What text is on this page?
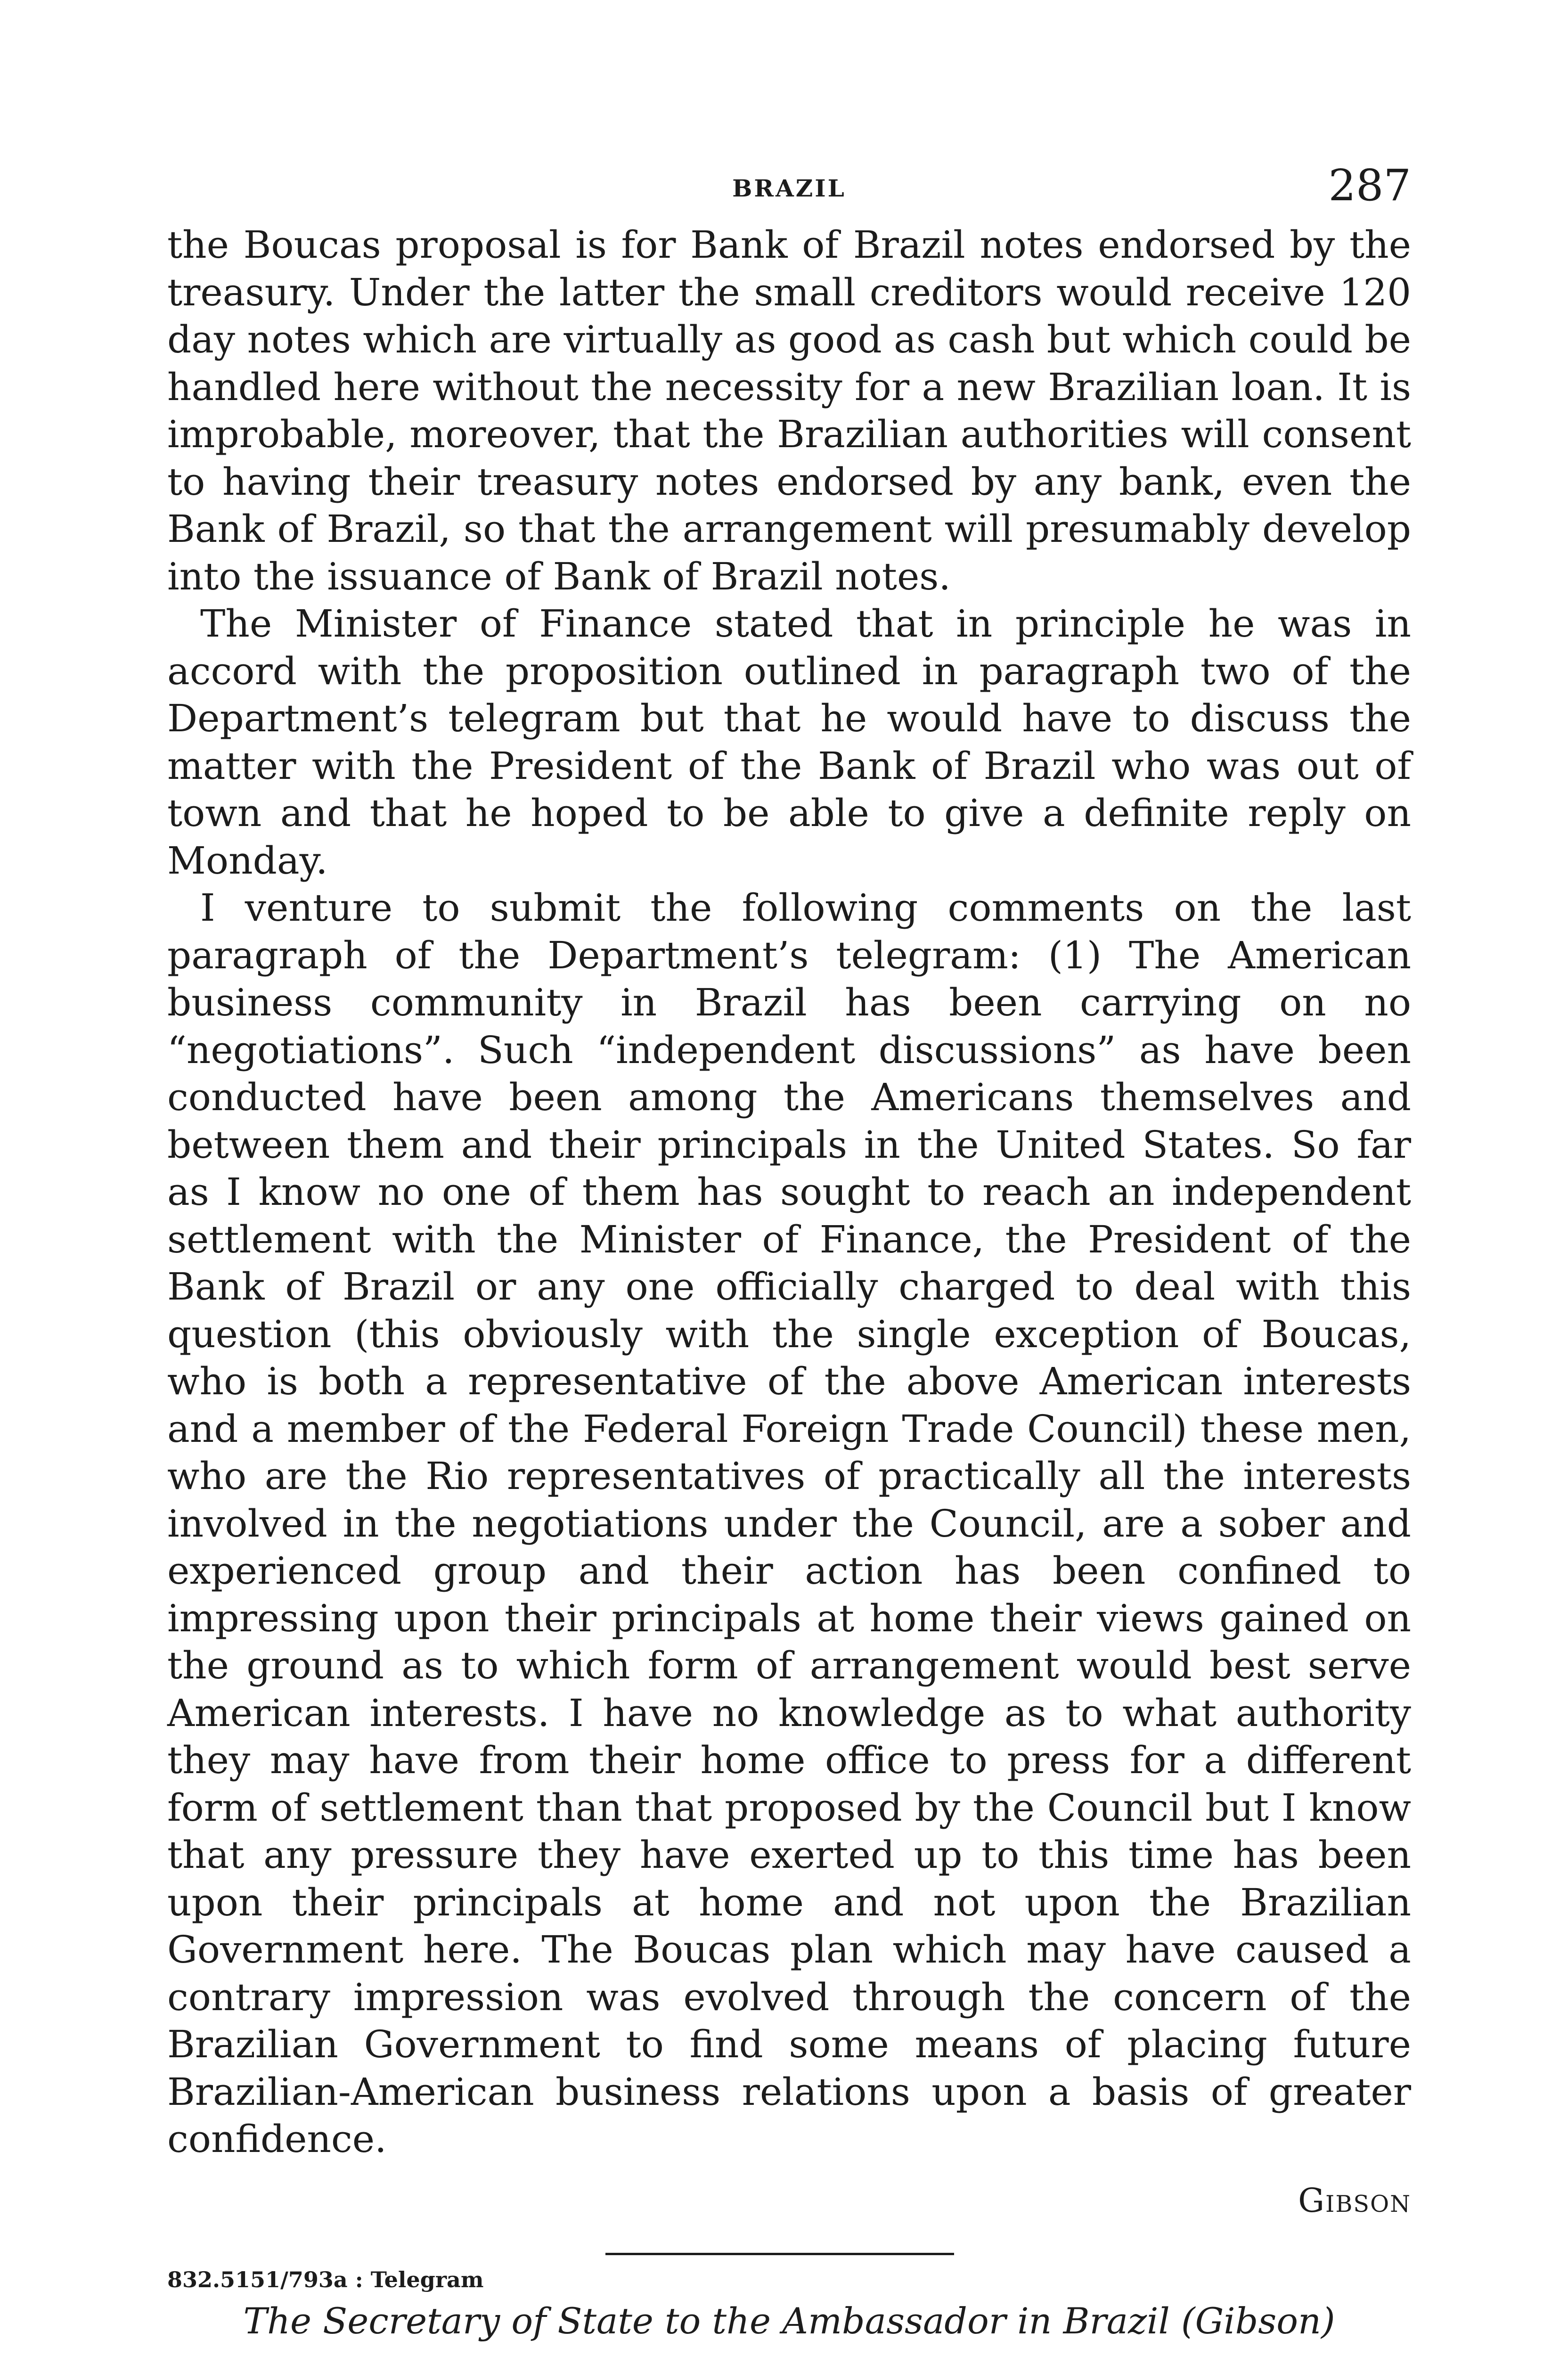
BRAZIL	287

the Boucas proposal is for Bank of Brazil notes endorsed by the treasury. Under the latter the small creditors would receive 120 day notes which are virtually as good as cash but which could be handled here without the necessity for a new Brazilian loan. It is improbable, moreover, that the Brazilian authorities will consent to having their treasury notes endorsed by any bank, even the Bank of Brazil, so that the arrangement will presumably develop into the issuance of Bank of Brazil notes.

The Minister of Finance stated that in principle he was in accord with the proposition outlined in paragraph two of the Department’s telegram but that he would have to discuss the matter with the President of the Bank of Brazil who was out of town and that he hoped to be able to give a definite reply on Monday.

I venture to submit the following comments on the last paragraph of the Department’s telegram: (1) The American business community in Brazil has been carrying on no “negotiations”. Such “independent discussions” as have been conducted have been among the Americans themselves and between them and their principals in the United States. So far as I know no one of them has sought to reach an independent settlement with the Minister of Finance, the President of the Bank of Brazil or any one officially charged to deal with this question (this obviously with the single exception of Boucas, who is both a representative of the above American interests and a member of the Federal Foreign Trade Council) these men, who are the Rio representatives of practically all the interests involved in the negotiations under the Council, are a sober and experienced group and their action has been confined to impressing upon their principals at home their views gained on the ground as to which form of arrangement would best serve American interests. I have no knowledge as to what authority they may have from their home office to press for a different form of settlement than that proposed by the Council but I know that any pressure they have exerted up to this time has been upon their principals at home and not upon the Brazilian Government here. The Boucas plan which may have caused a contrary impression was evolved through the concern of the Brazilian Government to find some means of placing future Brazilian-American business relations upon a basis of greater confidence.

Gibson
832.5151/793a : Telegram
The Secretary of State to the Ambassador in Brazil (Gibson)
